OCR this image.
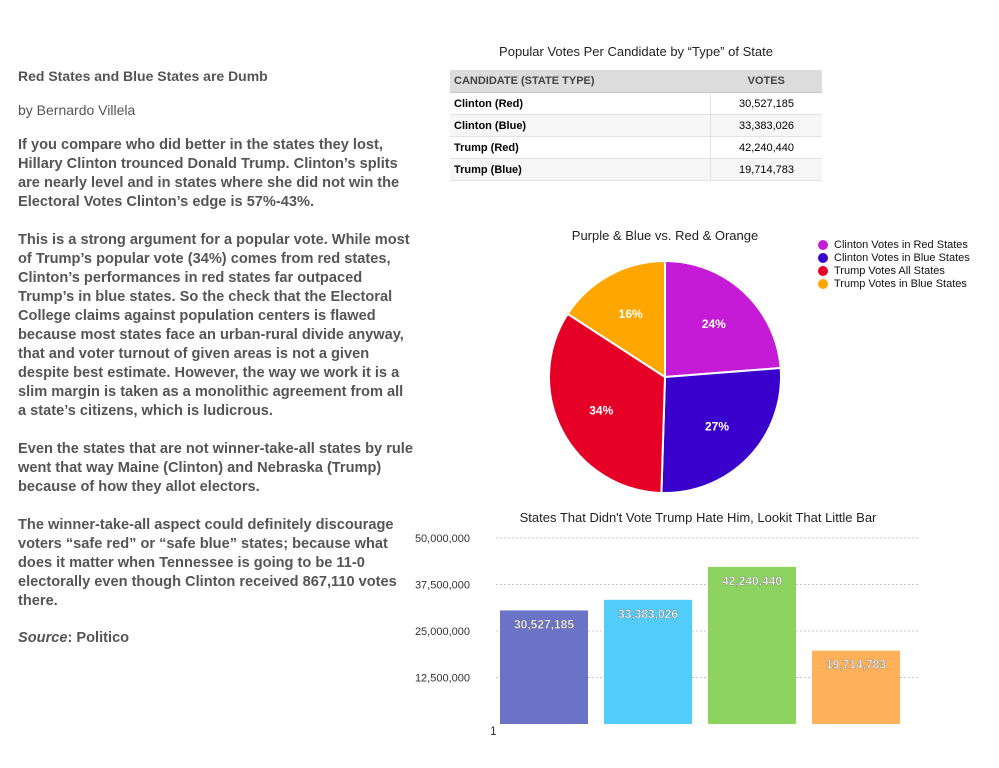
Red States and Blue States are Dumb
by Bernardo Villela

If you compare who did better in the states they lost, Hillary Clinton trounced Donald Trump. Clinton’s splits are nearly level and in states where she did not win the Electoral Votes Clinton’s edge is 57%-43%.

This is a strong argument for a popular vote. While most of Trump’s popular vote (34%) comes from red states, Clinton’s performances in red states far outpaced Trump’s in blue states. So the check that the Electoral College claims against population centers is flawed because most states face an urban-rural divide anyway, that and voter turnout of given areas is not a given despite best estimate. However, the way we work it is a slim margin is taken as a monolithic agreement from all a state’s citizens, which is ludicrous.

Even the states that are not winner-take-all states by rule went that way Maine (Clinton) and Nebraska (Trump) because of how they allot electors.

The winner-take-all aspect could definitely discourage voters “safe red” or “safe blue” states; because what does it matter when Tennessee is going to be 11-0 electorally even though Clinton received 867,110 votes there.

Source: Politico
Popular Votes Per Candidate by “Type” of State
CANDIDATE (STATE TYPE)	VOTES
Clinton (Red)	30,527,185
Clinton (Blue)	33,383,026
Trump (Red)	42,240,440
Trump (Blue)	19,714,783
Purple & Blue vs. Red & Orange
24%
27%
34%
16%
Clinton Votes in Red States
Clinton Votes in Blue States
Trump Votes All States
Trump Votes in Blue States
States That Didn't Vote Trump Hate Him, Lookit That Little Bar
12,500,000
25,000,000
37,500,000
50,000,000
30,527,185
33,383,026
42,240,440
19,714,783
1
